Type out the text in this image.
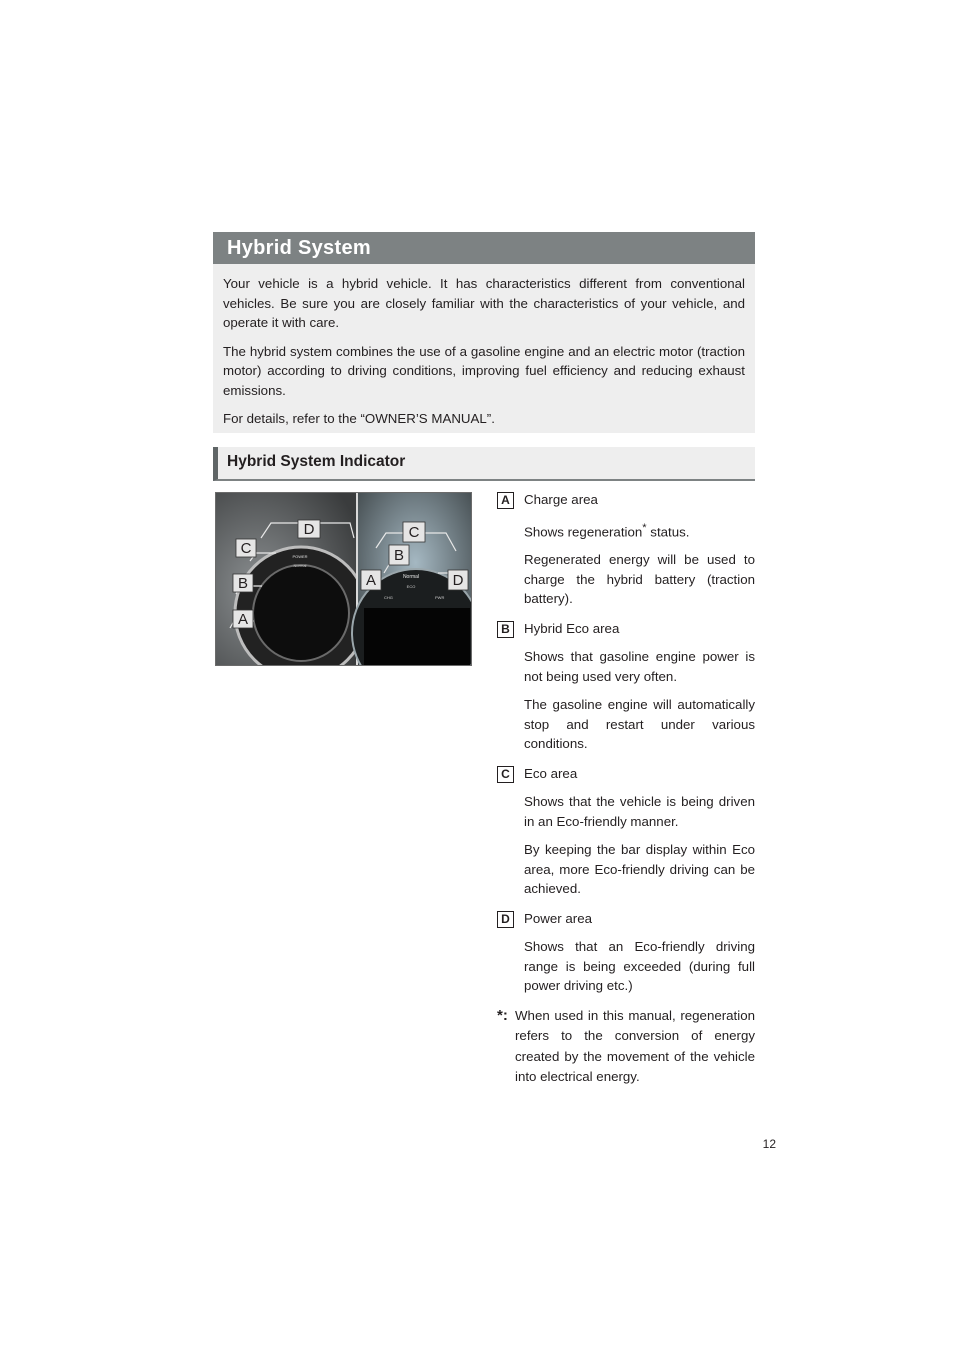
Hybrid System

Your vehicle is a hybrid vehicle. It has characteristics different from conventional vehicles. Be sure you are closely familiar with the characteristics of your vehicle, and operate it with care.

The hybrid system combines the use of a gasoline engine and an electric motor (traction motor) according to driving conditions, improving fuel efficiency and reducing exhaust emissions.

For details, refer to the “OWNER’S MANUAL”.

Hybrid System Indicator
POWER
Normal
D
C
B
A
Normal
ECO
CHG	PWR
C
B
A	D
A	Charge area

Shows regeneration* status.

Regenerated energy will be used to charge the hybrid battery (traction battery).

B	Hybrid Eco area

Shows that gasoline engine power is not being used very often.

The gasoline engine will automatically stop and restart under various conditions.

C	Eco area

Shows that the vehicle is being driven in an Eco-friendly manner.

By keeping the bar display within Eco area, more Eco-friendly driving can be achieved.

D	Power area

Shows that an Eco-friendly driving range is being exceeded (during full power driving etc.)

*: When used in this manual, regeneration refers to the conversion of energy created by the movement of the vehicle into electrical energy.
12
